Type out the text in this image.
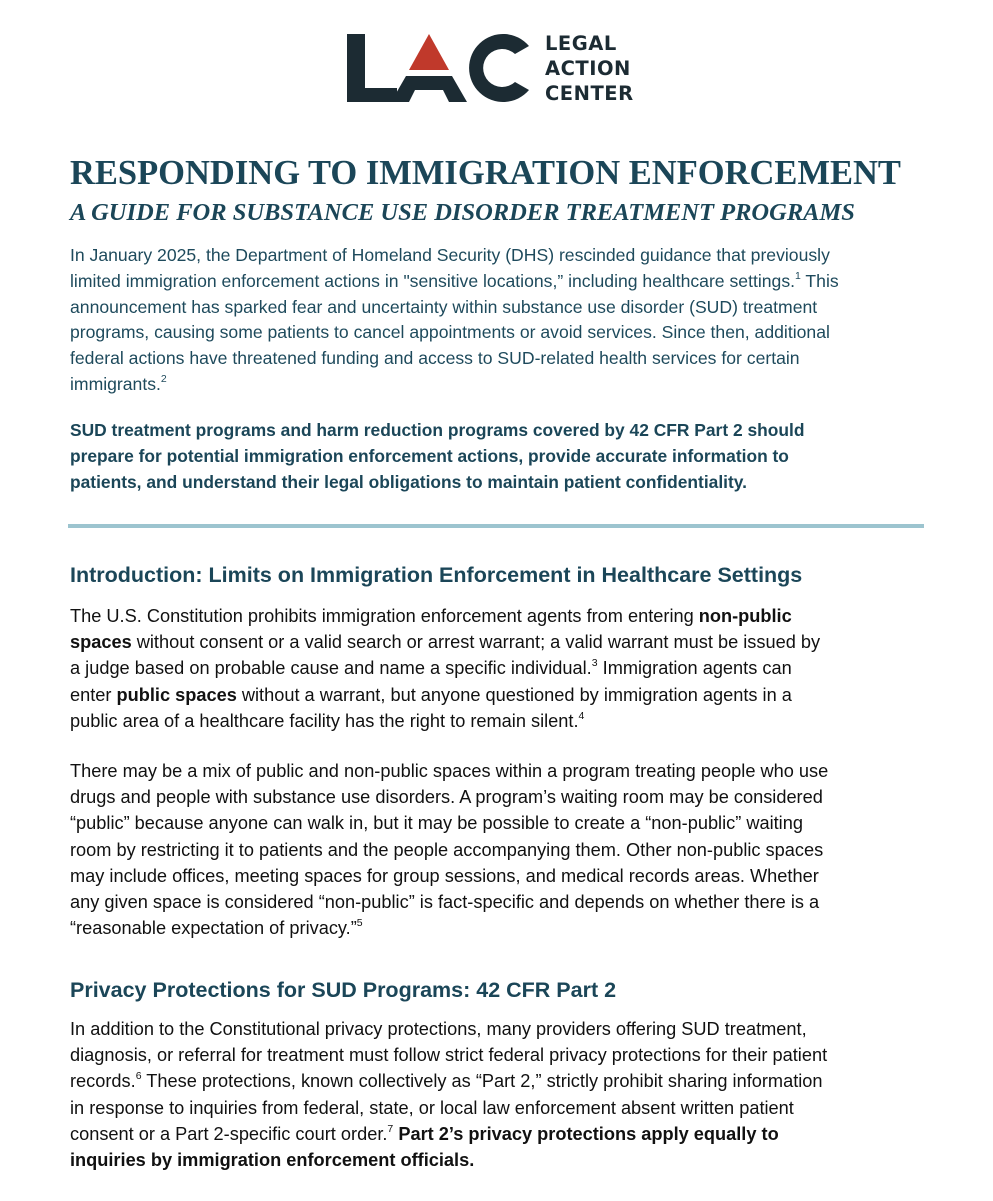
LEGAL
ACTION
CENTER
RESPONDING TO IMMIGRATION ENFORCEMENT
A GUIDE FOR SUBSTANCE USE DISORDER TREATMENT PROGRAMS
In January 2025, the Department of Homeland Security (DHS) rescinded guidance that previously
limited immigration enforcement actions in "sensitive locations,” including healthcare settings.$^1$ This
announcement has sparked fear and uncertainty within substance use disorder (SUD) treatment
programs, causing some patients to cancel appointments or avoid services. Since then, additional
federal actions have threatened funding and access to SUD-related health services for certain
immigrants.$^2$
SUD treatment programs and harm reduction programs covered by 42 CFR Part 2 should
prepare for potential immigration enforcement actions, provide accurate information to
patients, and understand their legal obligations to maintain patient confidentiality.
Introduction: Limits on Immigration Enforcement in Healthcare Settings
The U.S. Constitution prohibits immigration enforcement agents from entering non-public
spaces without consent or a valid search or arrest warrant; a valid warrant must be issued by
a judge based on probable cause and name a specific individual.$^3$ Immigration agents can
enter public spaces without a warrant, but anyone questioned by immigration agents in a
public area of a healthcare facility has the right to remain silent.$^4$
There may be a mix of public and non-public spaces within a program treating people who use
drugs and people with substance use disorders. A program’s waiting room may be considered
“public” because anyone can walk in, but it may be possible to create a “non-public” waiting
room by restricting it to patients and the people accompanying them. Other non-public spaces
may include offices, meeting spaces for group sessions, and medical records areas. Whether
any given space is considered “non-public” is fact-specific and depends on whether there is a
“reasonable expectation of privacy.”$^5$
Privacy Protections for SUD Programs: 42 CFR Part 2
In addition to the Constitutional privacy protections, many providers offering SUD treatment,
diagnosis, or referral for treatment must follow strict federal privacy protections for their patient
records.$^6$ These protections, known collectively as “Part 2,” strictly prohibit sharing information
in response to inquiries from federal, state, or local law enforcement absent written patient
consent or a Part 2-specific court order.$^7$ Part 2’s privacy protections apply equally to
inquiries by immigration enforcement officials.
